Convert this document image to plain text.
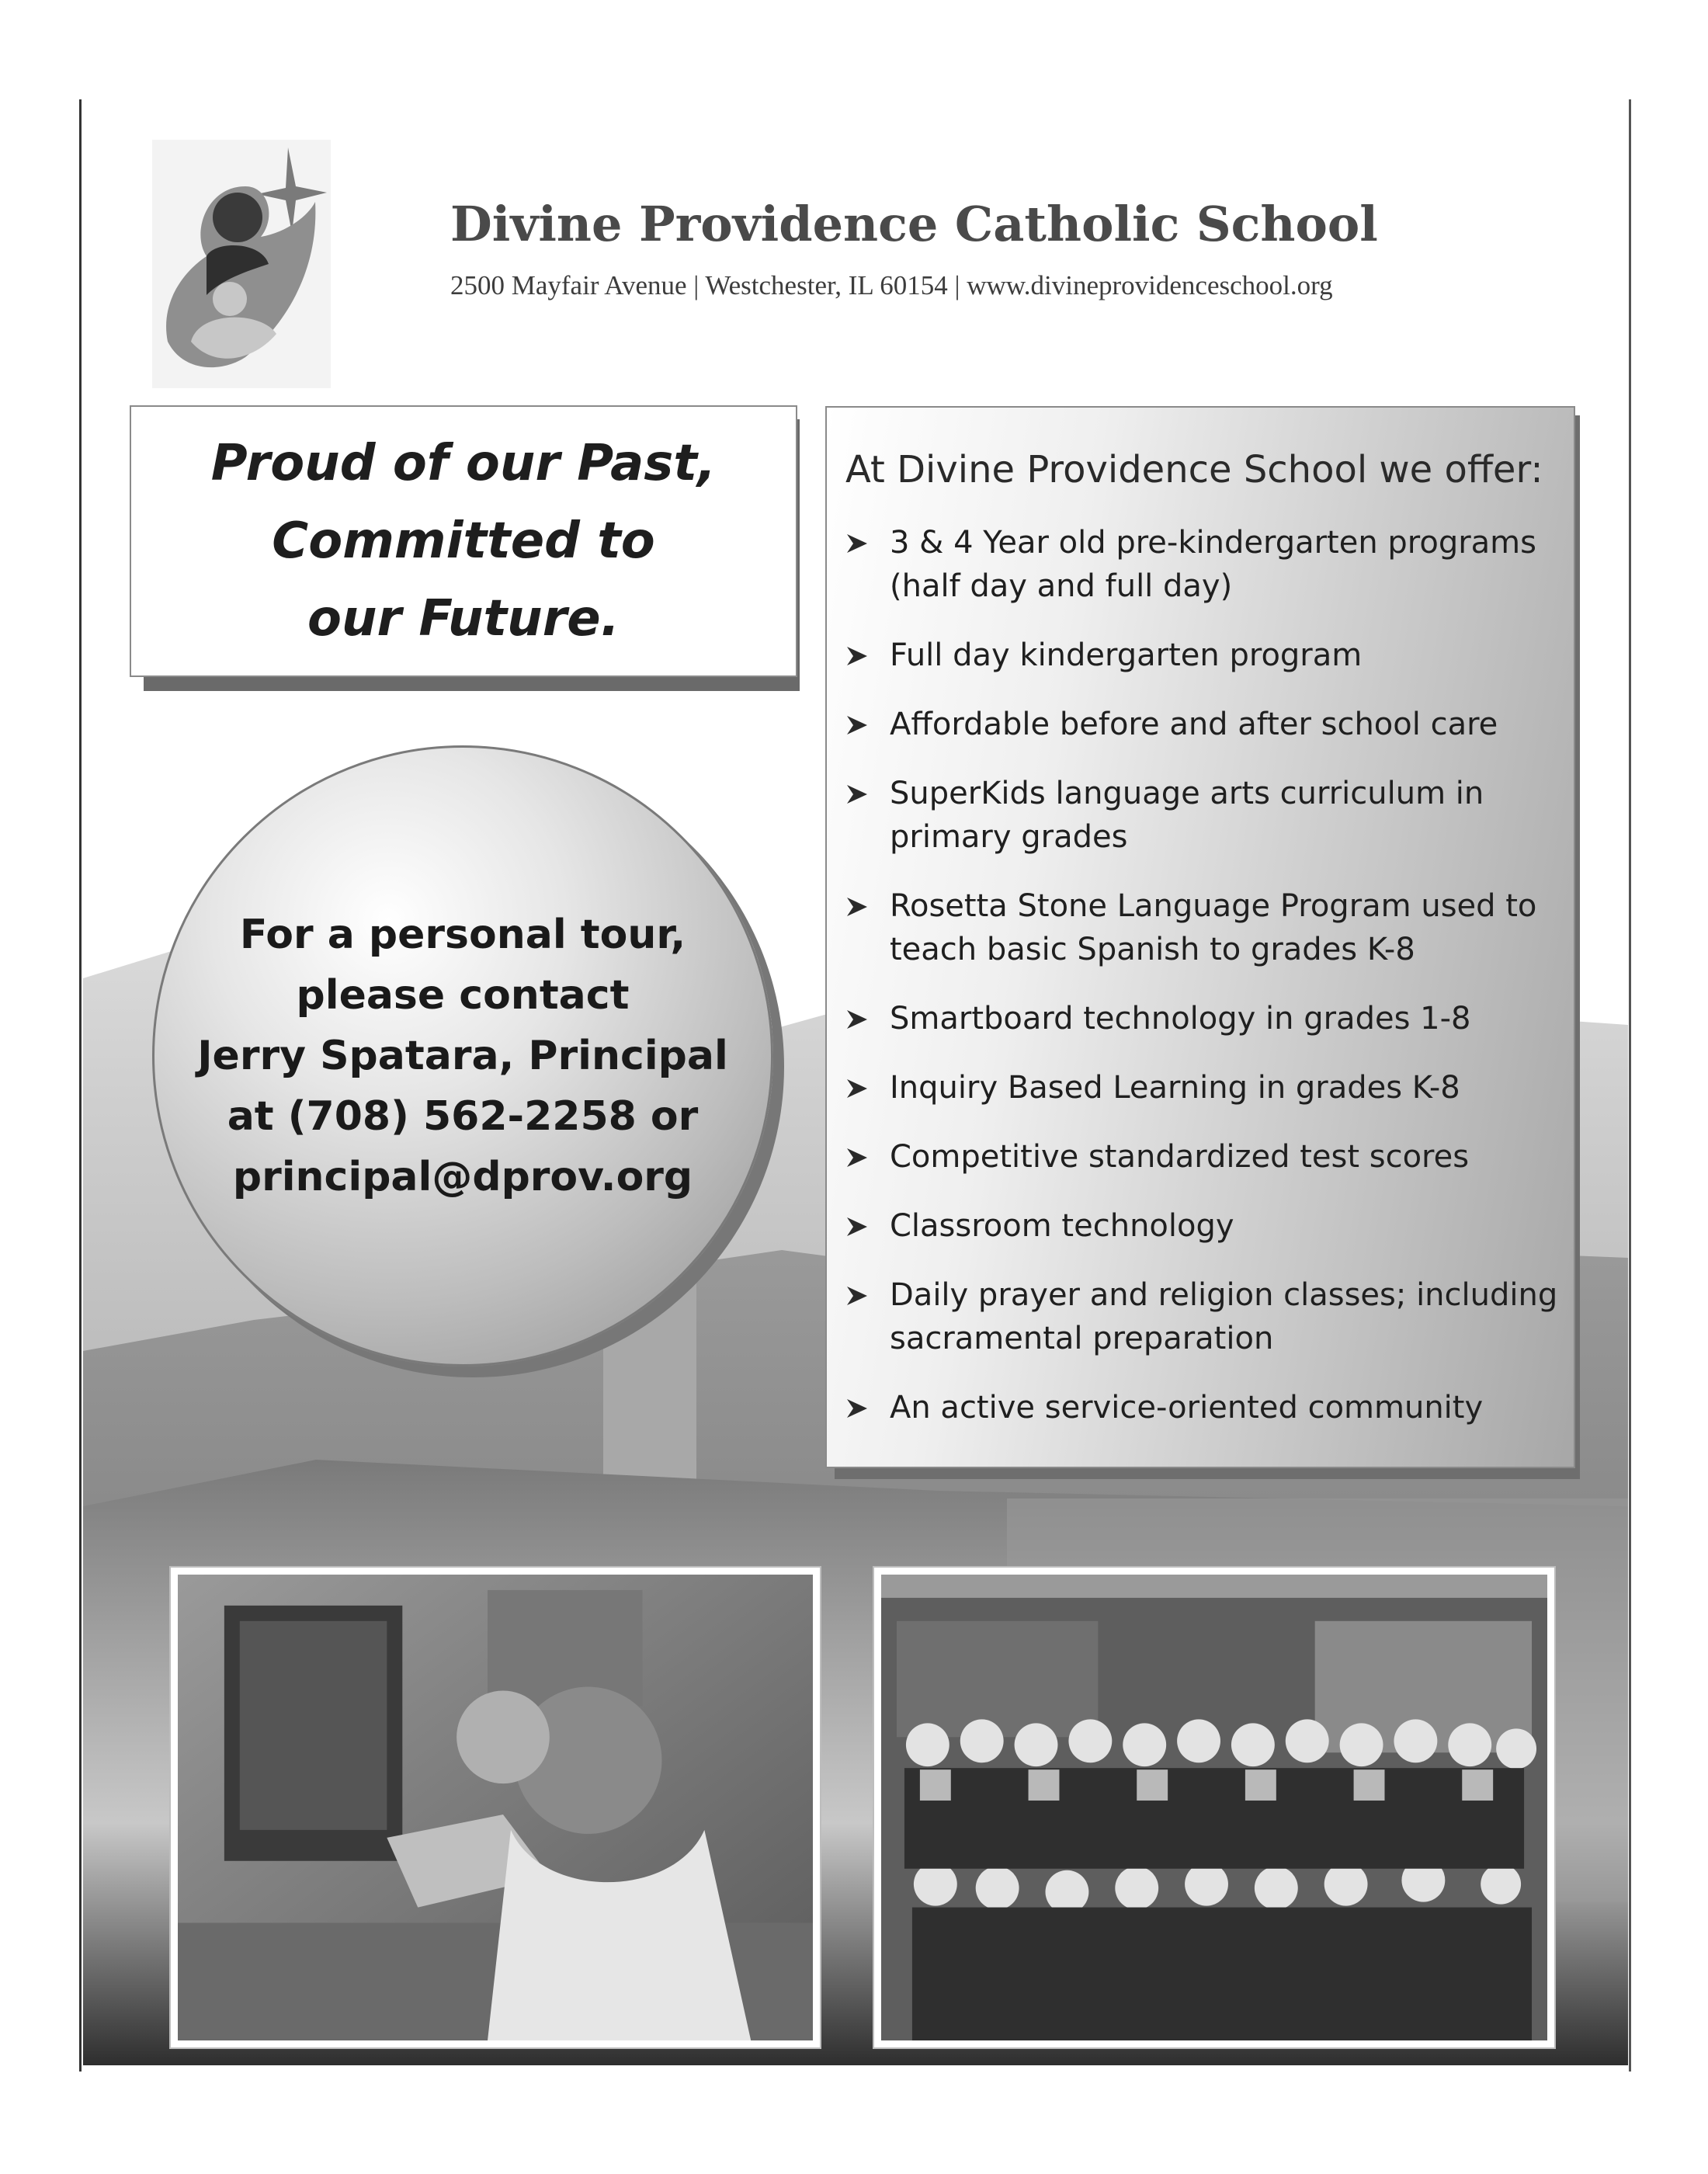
Divine Providence Catholic School
2500 Mayfair Avenue | Westchester, IL 60154 | www.divineprovidenceschool.org
Proud of our Past,
Committed to
our Future.
For a personal tour,
please contact
Jerry Spatara, Principal
at (708) 562-2258 or
principal@dprov.org
At Divine Providence School we offer:
3 & 4 Year old pre-kindergarten programs
(half day and full day)
Full day kindergarten program
Affordable before and after school care
SuperKids language arts curriculum in
primary grades
Rosetta Stone Language Program used to
teach basic Spanish to grades K-8
Smartboard technology in grades 1-8
Inquiry Based Learning in grades K-8
Competitive standardized test scores
Classroom technology
Daily prayer and religion classes; including
sacramental preparation
An active service-oriented community
